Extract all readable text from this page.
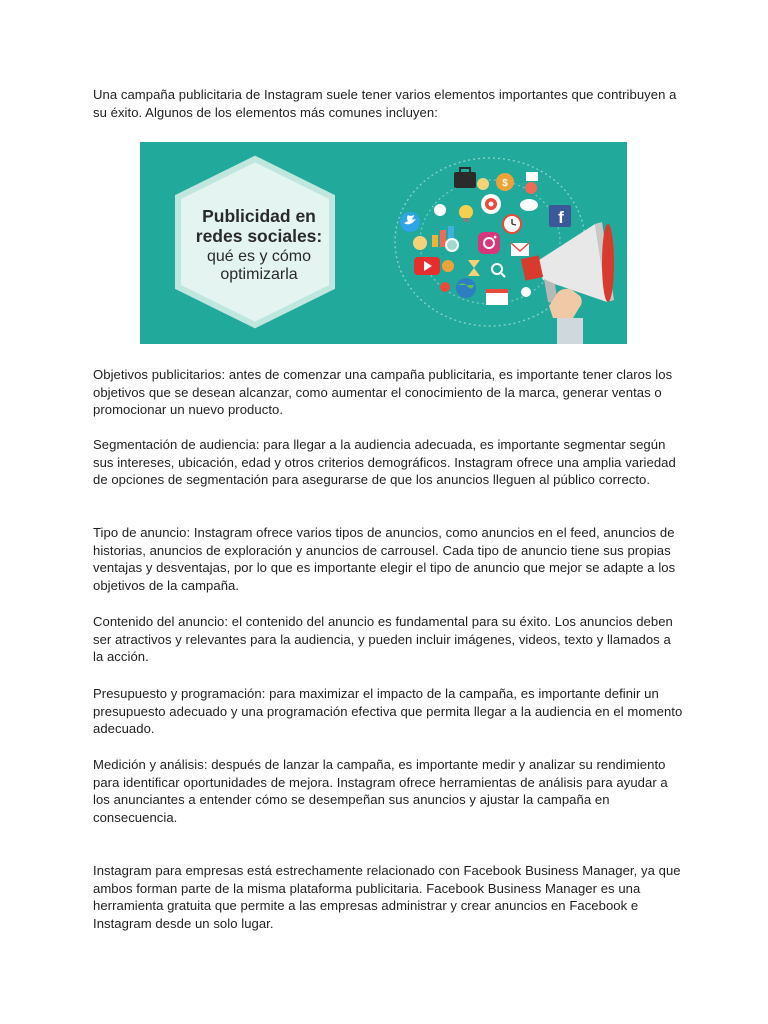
Una campaña publicitaria de Instagram suele tener varios elementos importantes que contribuyen a su éxito. Algunos de los elementos más comunes incluyen:

Publicidad en
redes sociales:
qué es y cómo
optimizarla
$
f

Objetivos publicitarios: antes de comenzar una campaña publicitaria, es importante tener claros los objetivos que se desean alcanzar, como aumentar el conocimiento de la marca, generar ventas o promocionar un nuevo producto.

Segmentación de audiencia: para llegar a la audiencia adecuada, es importante segmentar según sus intereses, ubicación, edad y otros criterios demográficos. Instagram ofrece una amplia variedad de opciones de segmentación para asegurarse de que los anuncios lleguen al público correcto.

Tipo de anuncio: Instagram ofrece varios tipos de anuncios, como anuncios en el feed, anuncios de historias, anuncios de exploración y anuncios de carrousel. Cada tipo de anuncio tiene sus propias ventajas y desventajas, por lo que es importante elegir el tipo de anuncio que mejor se adapte a los objetivos de la campaña.

Contenido del anuncio: el contenido del anuncio es fundamental para su éxito. Los anuncios deben ser atractivos y relevantes para la audiencia, y pueden incluir imágenes, videos, texto y llamados a la acción.

Presupuesto y programación: para maximizar el impacto de la campaña, es importante definir un presupuesto adecuado y una programación efectiva que permita llegar a la audiencia en el momento adecuado.

Medición y análisis: después de lanzar la campaña, es importante medir y analizar su rendimiento para identificar oportunidades de mejora. Instagram ofrece herramientas de análisis para ayudar a los anunciantes a entender cómo se desempeñan sus anuncios y ajustar la campaña en consecuencia.

Instagram para empresas está estrechamente relacionado con Facebook Business Manager, ya que ambos forman parte de la misma plataforma publicitaria. Facebook Business Manager es una herramienta gratuita que permite a las empresas administrar y crear anuncios en Facebook e Instagram desde un solo lugar.
